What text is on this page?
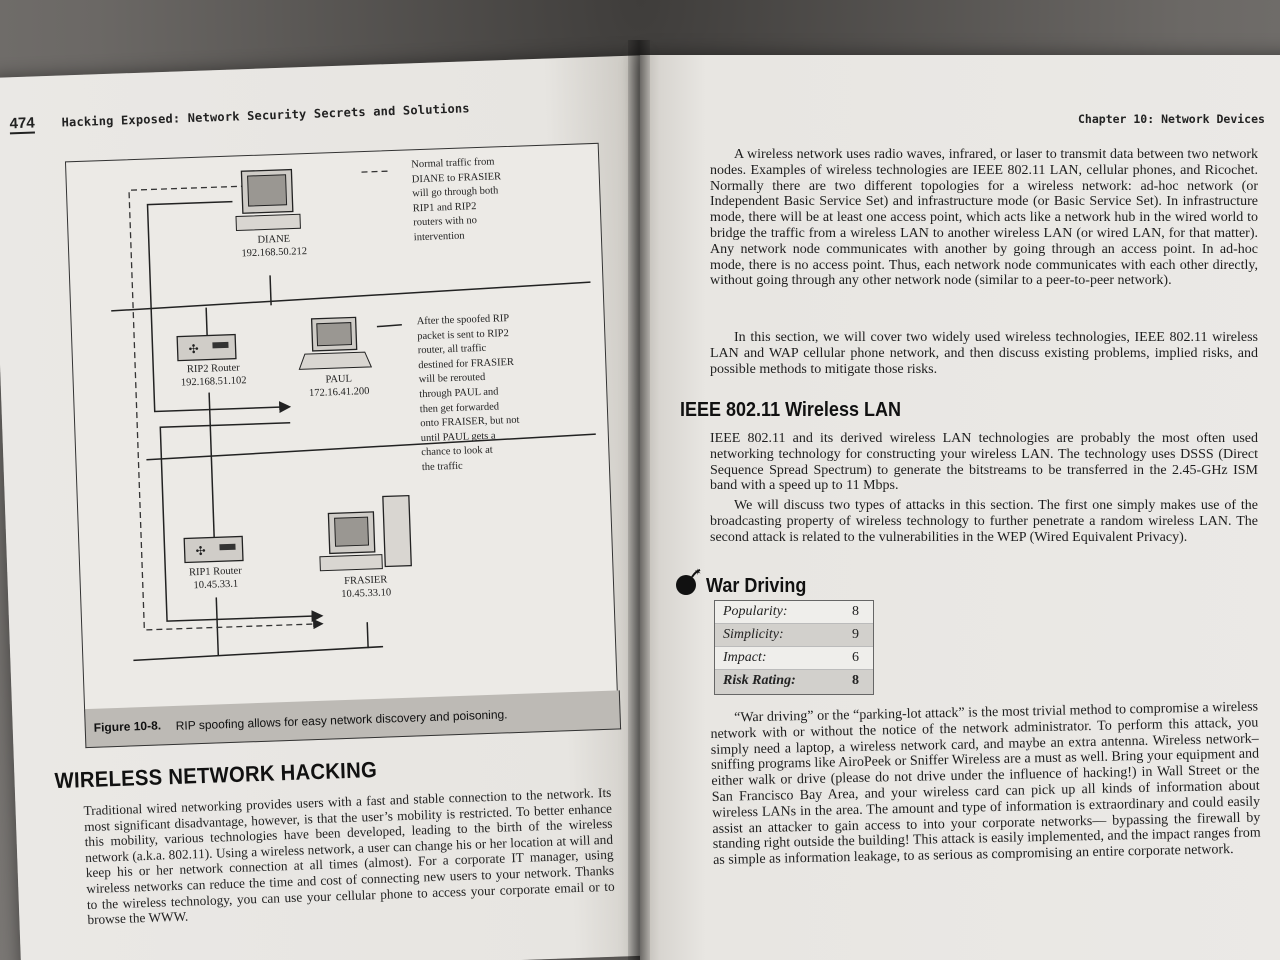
474 Hacking Exposed: Network Security Secrets and Solutions
✣
✣
DIANE
192.168.50.212
RIP2 Router
192.168.51.102	PAUL
172.16.41.200
RIP1 Router
10.45.33.1	FRASIER
10.45.33.10
Normal traffic from
DIANE to FRASIER
will go through both
RIP1 and RIP2
routers with no
intervention
After the spoofed RIP
packet is sent to RIP2
router, all traffic
destined for FRASIER
will be rerouted
through PAUL and
then get forwarded
onto FRAISER, but not
until PAUL gets a
chance to look at
the traffic
Figure 10-8. RIP spoofing allows for easy network discovery and poisoning.
WIRELESS NETWORK HACKING
Traditional wired networking provides users with a fast and stable connection to the network. Its most significant disadvantage, however, is that the user’s mobility is restricted. To better enhance this mobility, various technologies have been developed, leading to the birth of the wireless network (a.k.a. 802.11). Using a wireless network, a user can change his or her location at will and keep his or her network connection at all times (almost). For a corporate IT manager, using wireless networks can reduce the time and cost of connecting new users to your network. Thanks to the wireless technology, you can use your cellular phone to access your corporate email or to browse the WWW.
Chapter 10: Network Devices
A wireless network uses radio waves, infrared, or laser to transmit data between two network nodes. Examples of wireless technologies are IEEE 802.11 LAN, cellular phones, and Ricochet. Normally there are two different topologies for a wireless network: ad-hoc network (or Independent Basic Service Set) and infrastructure mode (or Basic Service Set). In infrastructure mode, there will be at least one access point, which acts like a network hub in the wired world to bridge the traffic from a wireless LAN to another wireless LAN (or wired LAN, for that matter). Any network node communicates with another by going through an access point. In ad-hoc mode, there is no access point. Thus, each network node communicates with each other directly, without going through any other network node (similar to a peer-to-peer network).
In this section, we will cover two widely used wireless technologies, IEEE 802.11 wireless LAN and WAP cellular phone network, and then discuss existing problems, implied risks, and possible methods to mitigate those risks.
IEEE 802.11 Wireless LAN
IEEE 802.11 and its derived wireless LAN technologies are probably the most often used networking technology for constructing your wireless LAN. The technology uses DSSS (Direct Sequence Spread Spectrum) to generate the bitstreams to be transferred in the 2.45-GHz ISM band with a speed up to 11 Mbps.
We will discuss two types of attacks in this section. The first one simply makes use of the broadcasting property of wireless technology to further penetrate a random wireless LAN. The second attack is related to the vulnerabilities in the WEP (Wired Equivalent Privacy).
✶
War Driving
Popularity:	8
Simplicity:	9
Impact:	6
Risk Rating:	8
“War driving” or the “parking-lot attack” is the most trivial method to compromise a wireless network with or without the notice of the network administrator. To perform this attack, you simply need a laptop, a wireless network card, and maybe an extra antenna. Wireless network–sniffing programs like AiroPeek or Sniffer Wireless are a must as well. Bring your equipment and either walk or drive (please do not drive under the influence of hacking!) in Wall Street or the San Francisco Bay Area, and your wireless card can pick up all kinds of information about wireless LANs in the area. The amount and type of information is extraordinary and could easily assist an attacker to gain access to into your corporate networks— bypassing the firewall by standing right outside the building! This attack is easily implemented, and the impact ranges from as simple as information leakage, to as serious as compromising an entire corporate network.
